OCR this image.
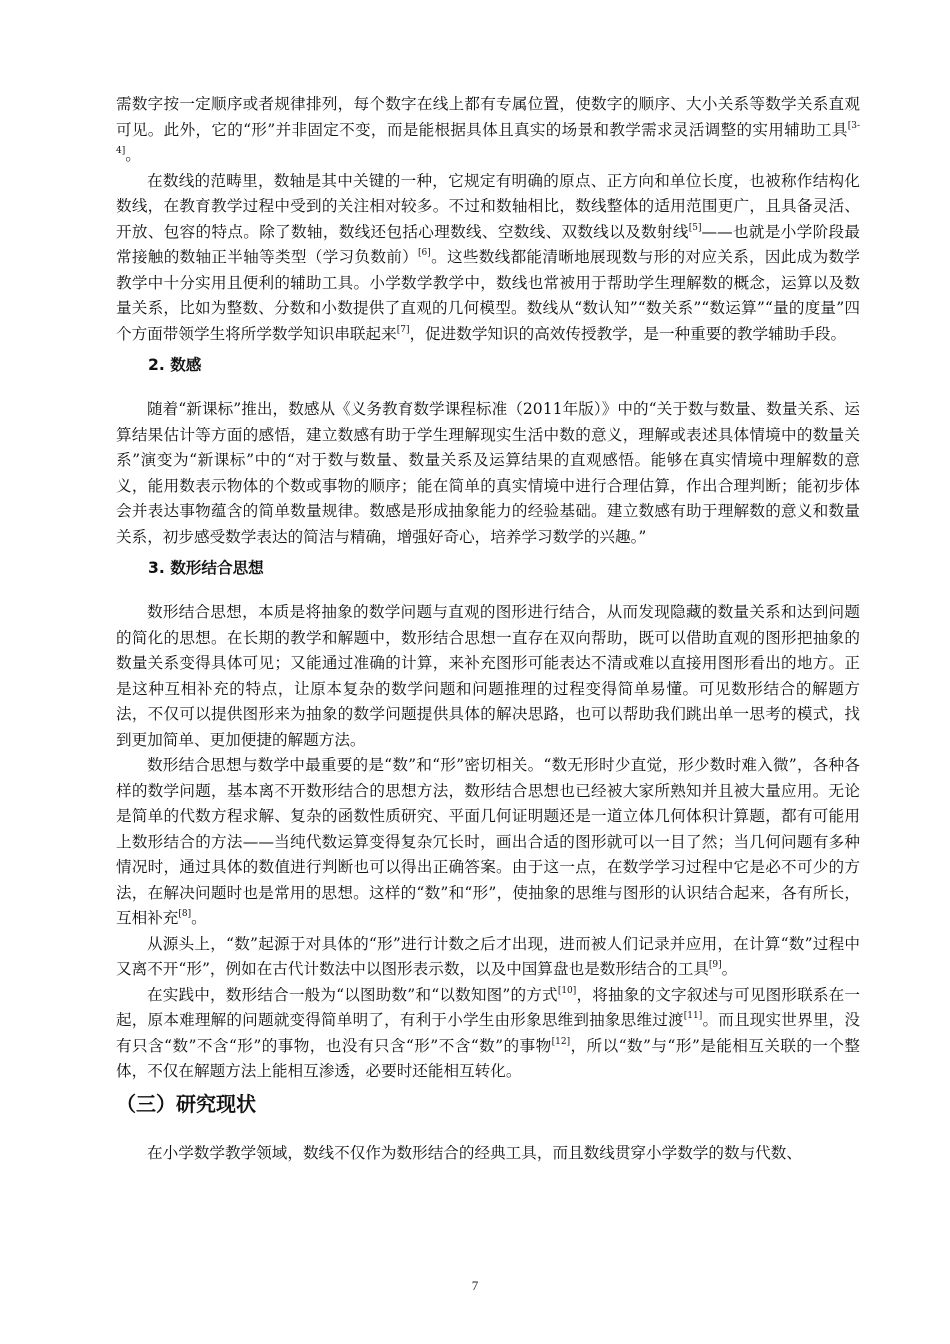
需数字按一定顺序或者规律排列，每个数字在线上都有专属位置，使数字的顺序、大小关系等数学关系直观可见。此外，它的“形”并非固定不变，而是能根据具体且真实的场景和教学需求灵活调整的实用辅助工具[3-4]。

在数线的范畴里，数轴是其中关键的一种，它规定有明确的原点、正方向和单位长度，也被称作结构化数线，在教育教学过程中受到的关注相对较多。不过和数轴相比，数线整体的适用范围更广，且具备灵活、开放、包容的特点。除了数轴，数线还包括心理数线、空数线、双数线以及数射线[5]——也就是小学阶段最常接触的数轴正半轴等类型（学习负数前）[6]。这些数线都能清晰地展现数与形的对应关系，因此成为数学教学中十分实用且便利的辅助工具。小学数学教学中，数线也常被用于帮助学生理解数的概念，运算以及数量关系，比如为整数、分数和小数提供了直观的几何模型。数线从“数认知”“数关系”“数运算”“量的度量”四个方面带领学生将所学数学知识串联起来[7]，促进数学知识的高效传授教学，是一种重要的教学辅助手段。

2. 数感

随着“新课标”推出，数感从《义务教育数学课程标准（2011年版）》中的“关于数与数量、数量关系、运算结果估计等方面的感悟，建立数感有助于学生理解现实生活中数的意义，理解或表述具体情境中的数量关系”演变为“新课标”中的“对于数与数量、数量关系及运算结果的直观感悟。能够在真实情境中理解数的意义，能用数表示物体的个数或事物的顺序；能在简单的真实情境中进行合理估算，作出合理判断；能初步体会并表达事物蕴含的简单数量规律。数感是形成抽象能力的经验基础。建立数感有助于理解数的意义和数量关系，初步感受数学表达的简洁与精确，增强好奇心，培养学习数学的兴趣。”

3. 数形结合思想

数形结合思想，本质是将抽象的数学问题与直观的图形进行结合，从而发现隐藏的数量关系和达到问题的简化的思想。在长期的教学和解题中，数形结合思想一直存在双向帮助，既可以借助直观的图形把抽象的数量关系变得具体可见；又能通过准确的计算，来补充图形可能表达不清或难以直接用图形看出的地方。正是这种互相补充的特点，让原本复杂的数学问题和问题推理的过程变得简单易懂。可见数形结合的解题方法，不仅可以提供图形来为抽象的数学问题提供具体的解决思路，也可以帮助我们跳出单一思考的模式，找到更加简单、更加便捷的解题方法。

数形结合思想与数学中最重要的是“数”和“形”密切相关。“数无形时少直觉，形少数时难入微”，各种各样的数学问题，基本离不开数形结合的思想方法，数形结合思想也已经被大家所熟知并且被大量应用。无论是简单的代数方程求解、复杂的函数性质研究、平面几何证明题还是一道立体几何体积计算题，都有可能用上数形结合的方法——当纯代数运算变得复杂冗长时，画出合适的图形就可以一目了然；当几何问题有多种情况时，通过具体的数值进行判断也可以得出正确答案。由于这一点，在数学学习过程中它是必不可少的方法，在解决问题时也是常用的思想。这样的“数”和“形”，使抽象的思维与图形的认识结合起来，各有所长，互相补充[8]。

从源头上，“数”起源于对具体的“形”进行计数之后才出现，进而被人们记录并应用，在计算“数”过程中又离不开“形”，例如在古代计数法中以图形表示数，以及中国算盘也是数形结合的工具[9]。

在实践中，数形结合一般为“以图助数”和“以数知图”的方式[10]，将抽象的文字叙述与可见图形联系在一起，原本难理解的问题就变得简单明了，有利于小学生由形象思维到抽象思维过渡[11]。而且现实世界里，没有只含“数”不含“形”的事物，也没有只含“形”不含“数”的事物[12]，所以“数”与“形”是能相互关联的一个整体，不仅在解题方法上能相互渗透，必要时还能相互转化。

（三）研究现状

在小学数学教学领域，数线不仅作为数形结合的经典工具，而且数线贯穿小学数学的数与代数、

7
